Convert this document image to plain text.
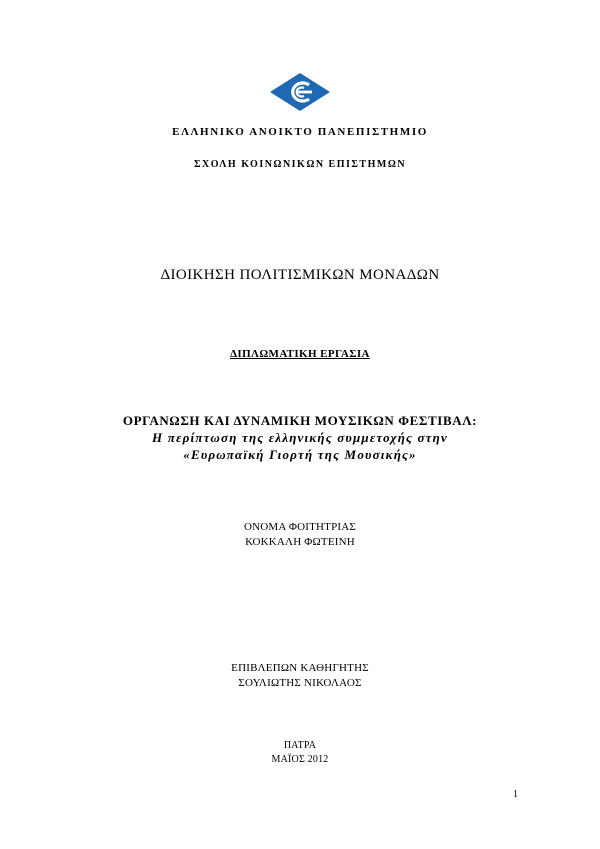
ΕΛΛΗΝΙΚΟ ΑΝΟΙΚΤΟ ΠΑΝΕΠΙΣΤΗΜΙΟ
ΣΧΟΛΗ ΚΟΙΝΩΝΙΚΩΝ ΕΠΙΣΤΗΜΩΝ
ΔΙΟΙΚΗΣΗ ΠΟΛΙΤΙΣΜΙΚΩΝ ΜΟΝΑΔΩΝ
ΔΙΠΛΩΜΑΤΙΚΗ ΕΡΓΑΣΙΑ
ΟΡΓΑΝΩΣΗ ΚΑΙ ΔΥΝΑΜΙΚΗ ΜΟΥΣΙΚΩΝ ΦΕΣΤΙΒΑΛ:
Η περίπτωση της ελληνικής συμμετοχής στην
«Ευρωπαϊκή Γιορτή της Μουσικής»
ΟΝΟΜΑ ΦΟΙΤΗΤΡΙΑΣ
ΚΟΚΚΑΛΗ ΦΩΤΕΙΝΗ
ΕΠΙΒΛΕΠΩΝ ΚΑΘΗΓΗΤΗΣ
ΣΟΥΛΙΩΤΗΣ ΝΙΚΟΛΑΟΣ
ΠΑΤΡΑ
ΜΑΪΟΣ 2012
1
